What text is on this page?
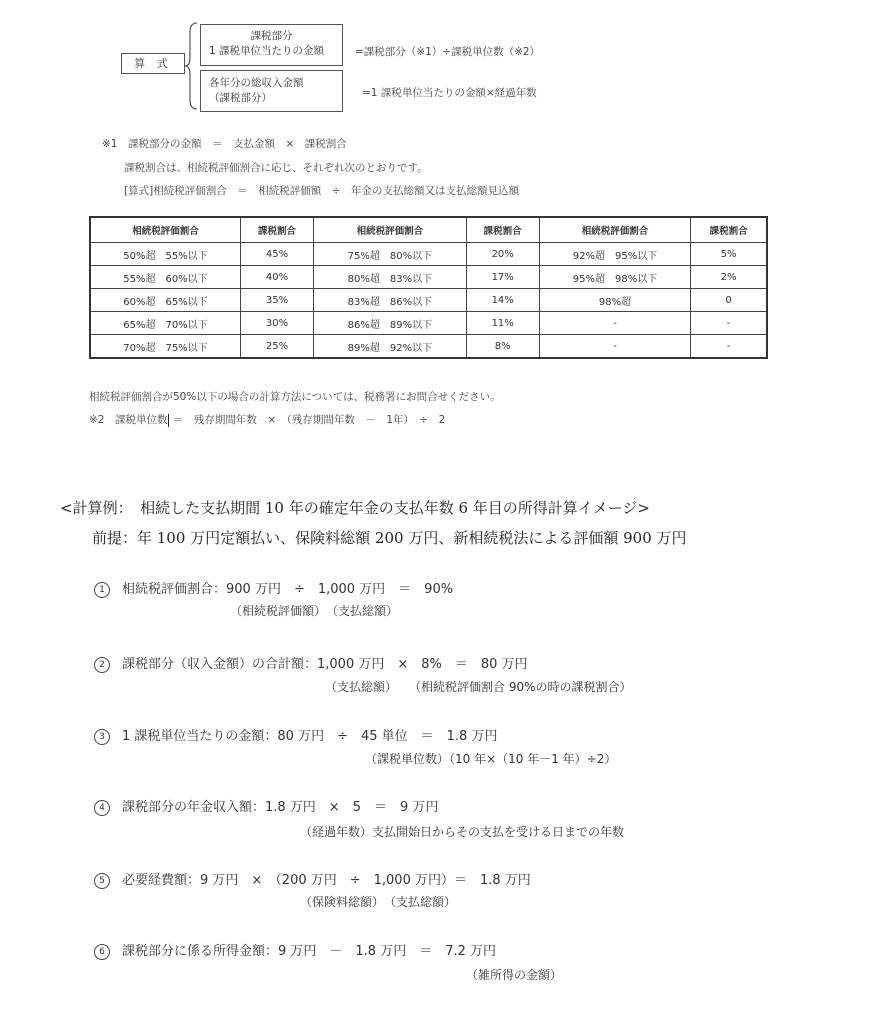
算 式
課税部分
1 課税単位当たりの金額	=課税部分（※1）÷課税単位数（※2）
各年分の総収入金額
（課税部分）	=1 課税単位当たりの金額×経過年数
※1　課税部分の金額　＝　支払金額　×　課税割合
課税割合は、相続税評価割合に応じ、それぞれ次のとおりです。
[算式]相続税評価割合　＝　相続税評価額　÷　年金の支払総額又は支払総額見込額
相続税評価割合	課税割合	相続税評価割合	課税割合	相続税評価割合	課税割合
50%超　55%以下	45%	75%超　80%以下	20%	92%超　95%以下	5%
55%超　60%以下	40%	80%超　83%以下	17%	95%超　98%以下	2%
60%超　65%以下	35%	83%超　86%以下	14%	98%超	0
65%超　70%以下	30%	86%超　89%以下	11%	-	-
70%超　75%以下	25%	89%超　92%以下	8%	-	-
相続税評価割合が50%以下の場合の計算方法については、税務署にお問合せください。
※2　課税単位数 ＝　残存期間年数　×　（残存期間年数　－　1年）　÷　2
<計算例：　相続した支払期間 10 年の確定年金の支払年数 6 年目の所得計算イメージ>
前提：年 100 万円定額払い、保険料総額 200 万円、新相続税法による評価額 900 万円
1 相続税評価割合：900 万円　÷　1,000 万円　＝　90%
（相続税評価額）　（支払総額）
2 課税部分（収入金額）の合計額：1,000 万円　×　8%　＝　80 万円
（支払総額）　　（相続税評価割合 90%の時の課税割合）
3 1 課税単位当たりの金額：80 万円　÷　45 単位　＝　1.8 万円
（課税単位数）（10 年×（10 年－1 年）÷2）
4 課税部分の年金収入額：1.8 万円　×　5　＝　9 万円
（経過年数）支払開始日からその支払を受ける日までの年数
5 必要経費額：9 万円　×　（200 万円　÷　1,000 万円）＝　1.8 万円
（保険料総額）　（支払総額）
6 課税部分に係る所得金額：9 万円　－　1.8 万円　＝　7.2 万円
（雑所得の金額）
